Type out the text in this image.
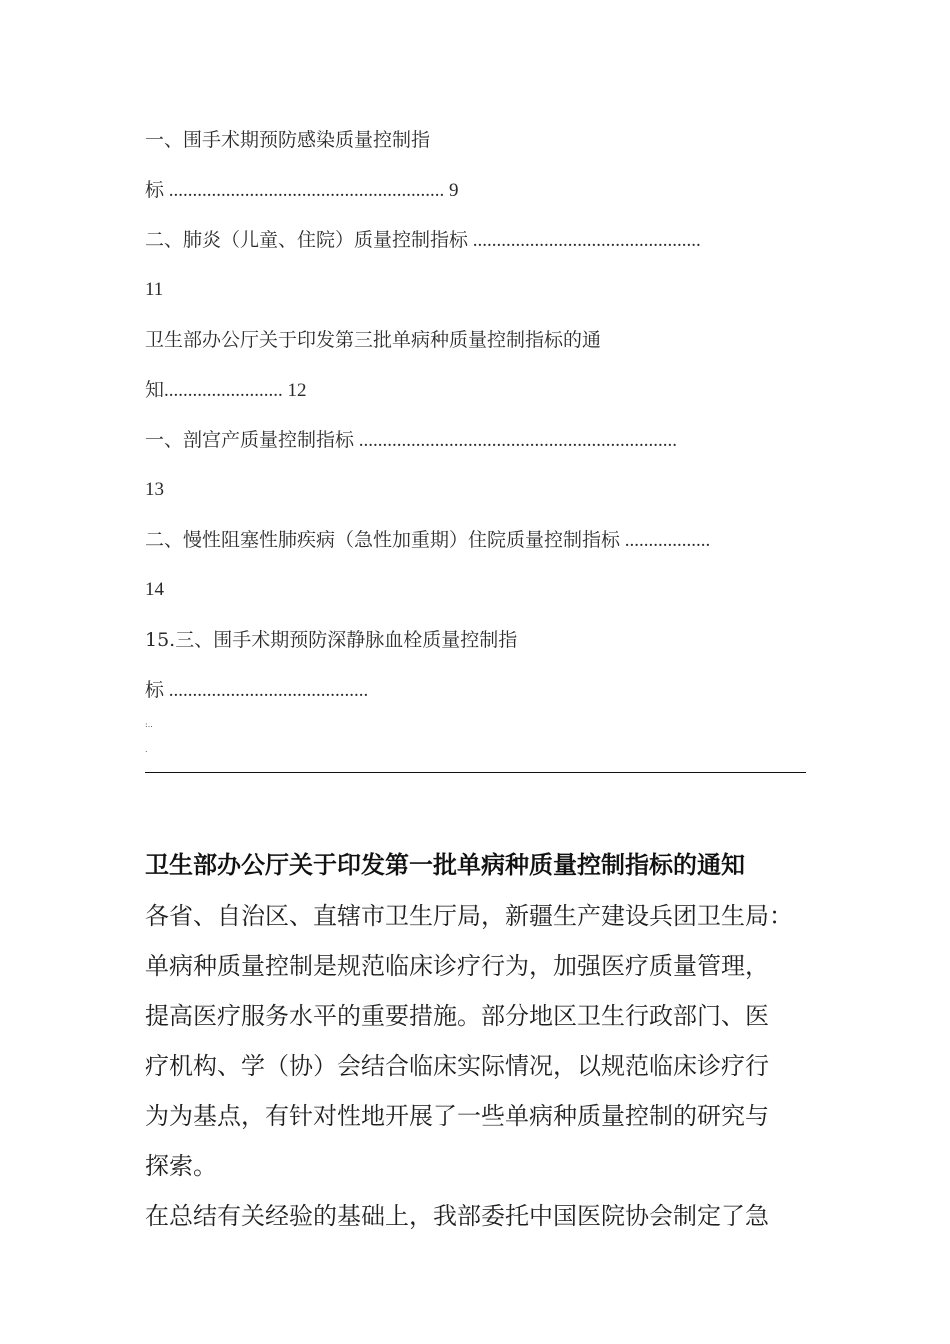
一、围手术期预防感染质量控制指
标 .......................................................... 9
二、肺炎（儿童、住院）质量控制指标 ................................................
11
卫生部办公厅关于印发第三批单病种质量控制指标的通
知......................... 12
一、剖宫产质量控制指标 ...................................................................
13
二、慢性阻塞性肺疾病（急性加重期）住院质量控制指标 ..................
14
15.三、围手术期预防深静脉血栓质量控制指
标 ..........................................
:..
.
卫生部办公厅关于印发第一批单病种质量控制指标的通知
各省、自治区、直辖市卫生厅局，新疆生产建设兵团卫生局：
单病种质量控制是规范临床诊疗行为，加强医疗质量管理，
提高医疗服务水平的重要措施。部分地区卫生行政部门、医
疗机构、学（协）会结合临床实际情况，以规范临床诊疗行
为为基点，有针对性地开展了一些单病种质量控制的研究与
探索。
在总结有关经验的基础上，我部委托中国医院协会制定了急
